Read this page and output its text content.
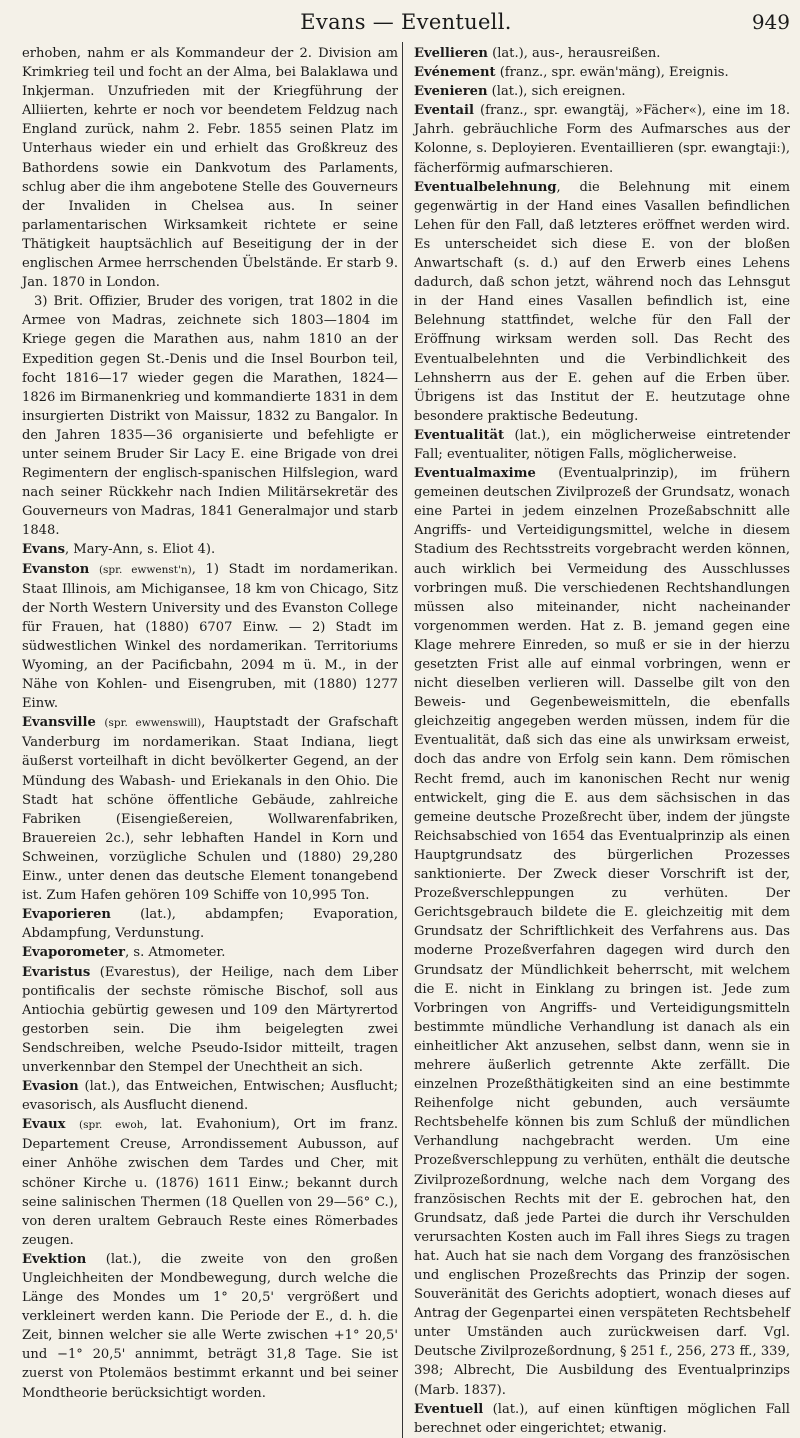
Evans — Eventuell.	949

erhoben, nahm er als Kommandeur der 2. Division am Krimkrieg teil und focht an der Alma, bei Balaklawa und Inkjerman. Unzufrieden mit der Kriegführung der Alliierten, kehrte er noch vor beendetem Feldzug nach England zurück, nahm 2. Febr. 1855 seinen Platz im Unterhaus wieder ein und erhielt das Großkreuz des Bathordens sowie ein Dankvotum des Parlaments, schlug aber die ihm angebotene Stelle des Gouverneurs der Invaliden in Chelsea aus. In seiner parlamentarischen Wirksamkeit richtete er seine Thätigkeit hauptsächlich auf Beseitigung der in der englischen Armee herrschenden Übelstände. Er starb 9. Jan. 1870 in London.

3) Brit. Offizier, Bruder des vorigen, trat 1802 in die Armee von Madras, zeichnete sich 1803—1804 im Kriege gegen die Marathen aus, nahm 1810 an der Expedition gegen St.-Denis und die Insel Bourbon teil, focht 1816—17 wieder gegen die Marathen, 1824—1826 im Birmanenkrieg und kommandierte 1831 in dem insurgierten Distrikt von Maissur, 1832 zu Bangalor. In den Jahren 1835—36 organisierte und befehligte er unter seinem Bruder Sir Lacy E. eine Brigade von drei Regimentern der englisch-spanischen Hilfslegion, ward nach seiner Rückkehr nach Indien Militärsekretär des Gouverneurs von Madras, 1841 Generalmajor und starb 1848.

Evans, Mary-Ann, s. Eliot 4).

Evanston (spr. ewwenst'n), 1) Stadt im nordamerikan. Staat Illinois, am Michigansee, 18 km von Chicago, Sitz der North Western University und des Evanston College für Frauen, hat (1880) 6707 Einw. — 2) Stadt im südwestlichen Winkel des nordamerikan. Territoriums Wyoming, an der Pacificbahn, 2094 m ü. M., in der Nähe von Kohlen- und Eisengruben, mit (1880) 1277 Einw.

Evansville (spr. ewwenswill), Hauptstadt der Grafschaft Vanderburg im nordamerikan. Staat Indiana, liegt äußerst vorteilhaft in dicht bevölkerter Gegend, an der Mündung des Wabash- und Eriekanals in den Ohio. Die Stadt hat schöne öffentliche Gebäude, zahlreiche Fabriken (Eisengießereien, Wollwarenfabriken, Brauereien 2c.), sehr lebhaften Handel in Korn und Schweinen, vorzügliche Schulen und (1880) 29,280 Einw., unter denen das deutsche Element tonangebend ist. Zum Hafen gehören 109 Schiffe von 10,995 Ton.

Evaporieren (lat.), abdampfen; Evaporation, Abdampfung, Verdunstung.

Evaporometer, s. Atmometer.

Evaristus (Evarestus), der Heilige, nach dem Liber pontificalis der sechste römische Bischof, soll aus Antiochia gebürtig gewesen und 109 den Märtyrertod gestorben sein. Die ihm beigelegten zwei Sendschreiben, welche Pseudo-Isidor mitteilt, tragen unverkennbar den Stempel der Unechtheit an sich.

Evasion (lat.), das Entweichen, Entwischen; Ausflucht; evasorisch, als Ausflucht dienend.

Evaux (spr. ewoh, lat. Evahonium), Ort im franz. Departement Creuse, Arrondissement Aubusson, auf einer Anhöhe zwischen dem Tardes und Cher, mit schöner Kirche u. (1876) 1611 Einw.; bekannt durch seine salinischen Thermen (18 Quellen von 29—56° C.), von deren uraltem Gebrauch Reste eines Römerbades zeugen.

Evektion (lat.), die zweite von den großen Ungleichheiten der Mondbewegung, durch welche die Länge des Mondes um 1° 20,5' vergrößert und verkleinert werden kann. Die Periode der E., d. h. die Zeit, binnen welcher sie alle Werte zwischen +1° 20,5' und −1° 20,5' annimmt, beträgt 31,8 Tage. Sie ist zuerst von Ptolemäos bestimmt erkannt und bei seiner Mondtheorie berücksichtigt worden.

Evellieren (lat.), aus-, herausreißen.

Evénement (franz., spr. ewän'mäng), Ereignis.

Evenieren (lat.), sich ereignen.

Eventail (franz., spr. ewangtäj, »Fächer«), eine im 18. Jahrh. gebräuchliche Form des Aufmarsches aus der Kolonne, s. Deployieren. Eventaillieren (spr. ewangtajiː), fächerförmig aufmarschieren.

Eventualbelehnung, die Belehnung mit einem gegenwärtig in der Hand eines Vasallen befindlichen Lehen für den Fall, daß letzteres eröffnet werden wird. Es unterscheidet sich diese E. von der bloßen Anwartschaft (s. d.) auf den Erwerb eines Lehens dadurch, daß schon jetzt, während noch das Lehnsgut in der Hand eines Vasallen befindlich ist, eine Belehnung stattfindet, welche für den Fall der Eröffnung wirksam werden soll. Das Recht des Eventualbelehnten und die Verbindlichkeit des Lehnsherrn aus der E. gehen auf die Erben über. Übrigens ist das Institut der E. heutzutage ohne besondere praktische Bedeutung.

Eventualität (lat.), ein möglicherweise eintretender Fall; eventualiter, nötigen Falls, möglicherweise.

Eventualmaxime (Eventualprinzip), im frühern gemeinen deutschen Zivilprozeß der Grundsatz, wonach eine Partei in jedem einzelnen Prozeßabschnitt alle Angriffs- und Verteidigungsmittel, welche in diesem Stadium des Rechtsstreits vorgebracht werden können, auch wirklich bei Vermeidung des Ausschlusses vorbringen muß. Die verschiedenen Rechtshandlungen müssen also miteinander, nicht nacheinander vorgenommen werden. Hat z. B. jemand gegen eine Klage mehrere Einreden, so muß er sie in der hierzu gesetzten Frist alle auf einmal vorbringen, wenn er nicht dieselben verlieren will. Dasselbe gilt von den Beweis- und Gegenbeweismitteln, die ebenfalls gleichzeitig angegeben werden müssen, indem für die Eventualität, daß sich das eine als unwirksam erweist, doch das andre von Erfolg sein kann. Dem römischen Recht fremd, auch im kanonischen Recht nur wenig entwickelt, ging die E. aus dem sächsischen in das gemeine deutsche Prozeßrecht über, indem der jüngste Reichsabschied von 1654 das Eventualprinzip als einen Hauptgrundsatz des bürgerlichen Prozesses sanktionierte. Der Zweck dieser Vorschrift ist der, Prozeßverschleppungen zu verhüten. Der Gerichtsgebrauch bildete die E. gleichzeitig mit dem Grundsatz der Schriftlichkeit des Verfahrens aus. Das moderne Prozeßverfahren dagegen wird durch den Grundsatz der Mündlichkeit beherrscht, mit welchem die E. nicht in Einklang zu bringen ist. Jede zum Vorbringen von Angriffs- und Verteidigungsmitteln bestimmte mündliche Verhandlung ist danach als ein einheitlicher Akt anzusehen, selbst dann, wenn sie in mehrere äußerlich getrennte Akte zerfällt. Die einzelnen Prozeßthätigkeiten sind an eine bestimmte Reihenfolge nicht gebunden, auch versäumte Rechtsbehelfe können bis zum Schluß der mündlichen Verhandlung nachgebracht werden. Um eine Prozeßverschleppung zu verhüten, enthält die deutsche Zivilprozeßordnung, welche nach dem Vorgang des französischen Rechts mit der E. gebrochen hat, den Grundsatz, daß jede Partei die durch ihr Verschulden verursachten Kosten auch im Fall ihres Siegs zu tragen hat. Auch hat sie nach dem Vorgang des französischen und englischen Prozeßrechts das Prinzip der sogen. Souveränität des Gerichts adoptiert, wonach dieses auf Antrag der Gegenpartei einen verspäteten Rechtsbehelf unter Umständen auch zurückweisen darf. Vgl. Deutsche Zivilprozeßordnung, § 251 f., 256, 273 ff., 339, 398; Albrecht, Die Ausbildung des Eventualprinzips (Marb. 1837).

Eventuell (lat.), auf einen künftigen möglichen Fall berechnet oder eingerichtet; etwanig.
